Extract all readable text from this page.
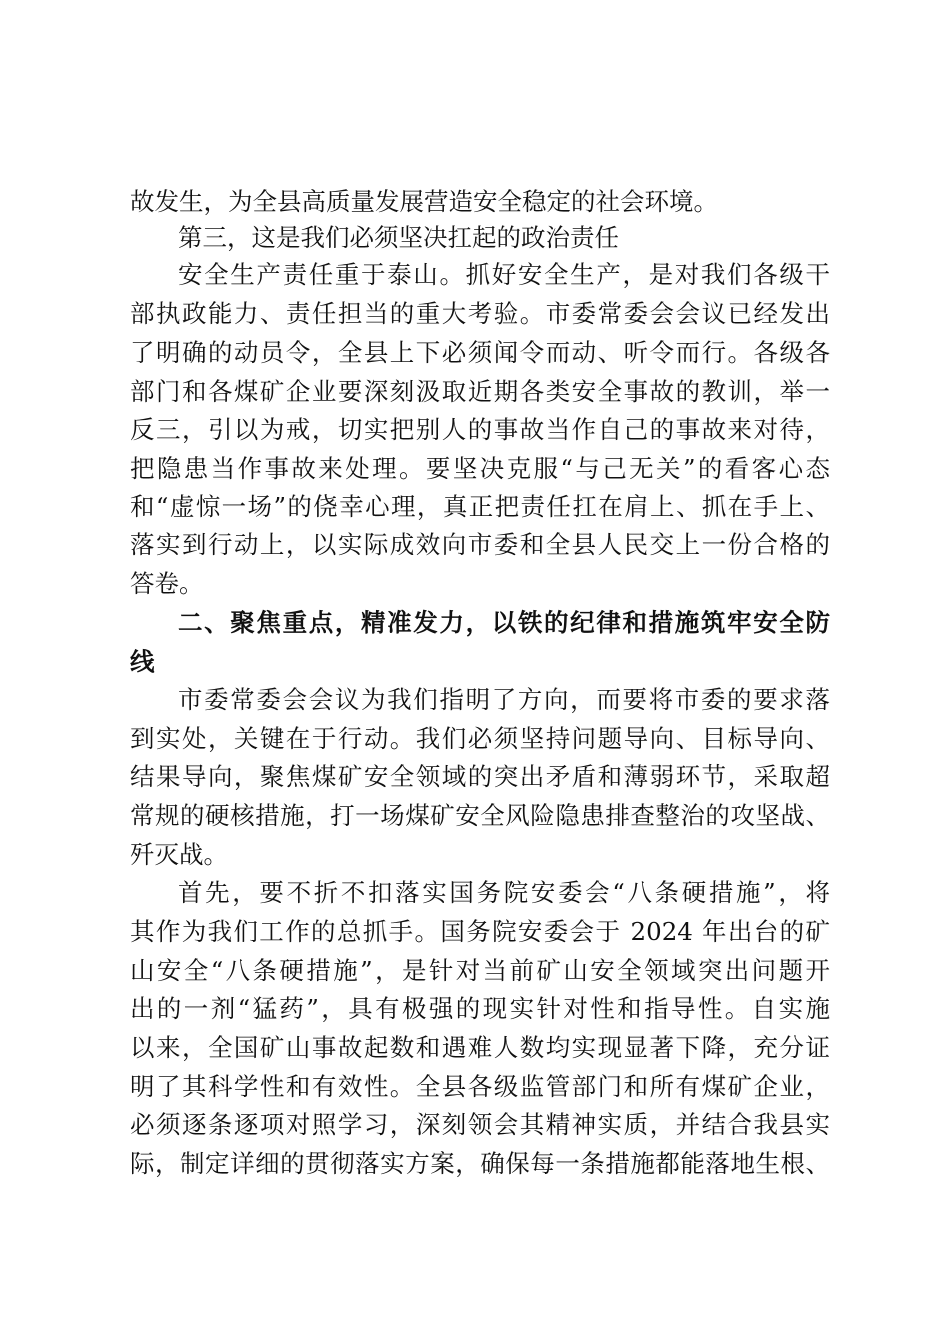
故发生，为全县高质量发展营造安全稳定的社会环境。
第三，这是我们必须坚决扛起的政治责任
安全生产责任重于泰山。抓好安全生产，是对我们各级干
部执政能力、责任担当的重大考验。市委常委会会议已经发出
了明确的动员令，全县上下必须闻令而动、听令而行。各级各
部门和各煤矿企业要深刻汲取近期各类安全事故的教训，举一
反三，引以为戒，切实把别人的事故当作自己的事故来对待，
把隐患当作事故来处理。要坚决克服“与己无关”的看客心态
和“虚惊一场”的侥幸心理，真正把责任扛在肩上、抓在手上、
落实到行动上，以实际成效向市委和全县人民交上一份合格的
答卷。
二、聚焦重点，精准发力，以铁的纪律和措施筑牢安全防
线
市委常委会会议为我们指明了方向，而要将市委的要求落
到实处，关键在于行动。我们必须坚持问题导向、目标导向、
结果导向，聚焦煤矿安全领域的突出矛盾和薄弱环节，采取超
常规的硬核措施，打一场煤矿安全风险隐患排查整治的攻坚战、
歼灭战。
首先，要不折不扣落实国务院安委会“八条硬措施”，将
其作为我们工作的总抓手。国务院安委会于 2024 年出台的矿
山安全“八条硬措施”，是针对当前矿山安全领域突出问题开
出的一剂“猛药”，具有极强的现实针对性和指导性。自实施
以来，全国矿山事故起数和遇难人数均实现显著下降，充分证
明了其科学性和有效性。全县各级监管部门和所有煤矿企业，
必须逐条逐项对照学习，深刻领会其精神实质，并结合我县实
际，制定详细的贯彻落实方案，确保每一条措施都能落地生根、
